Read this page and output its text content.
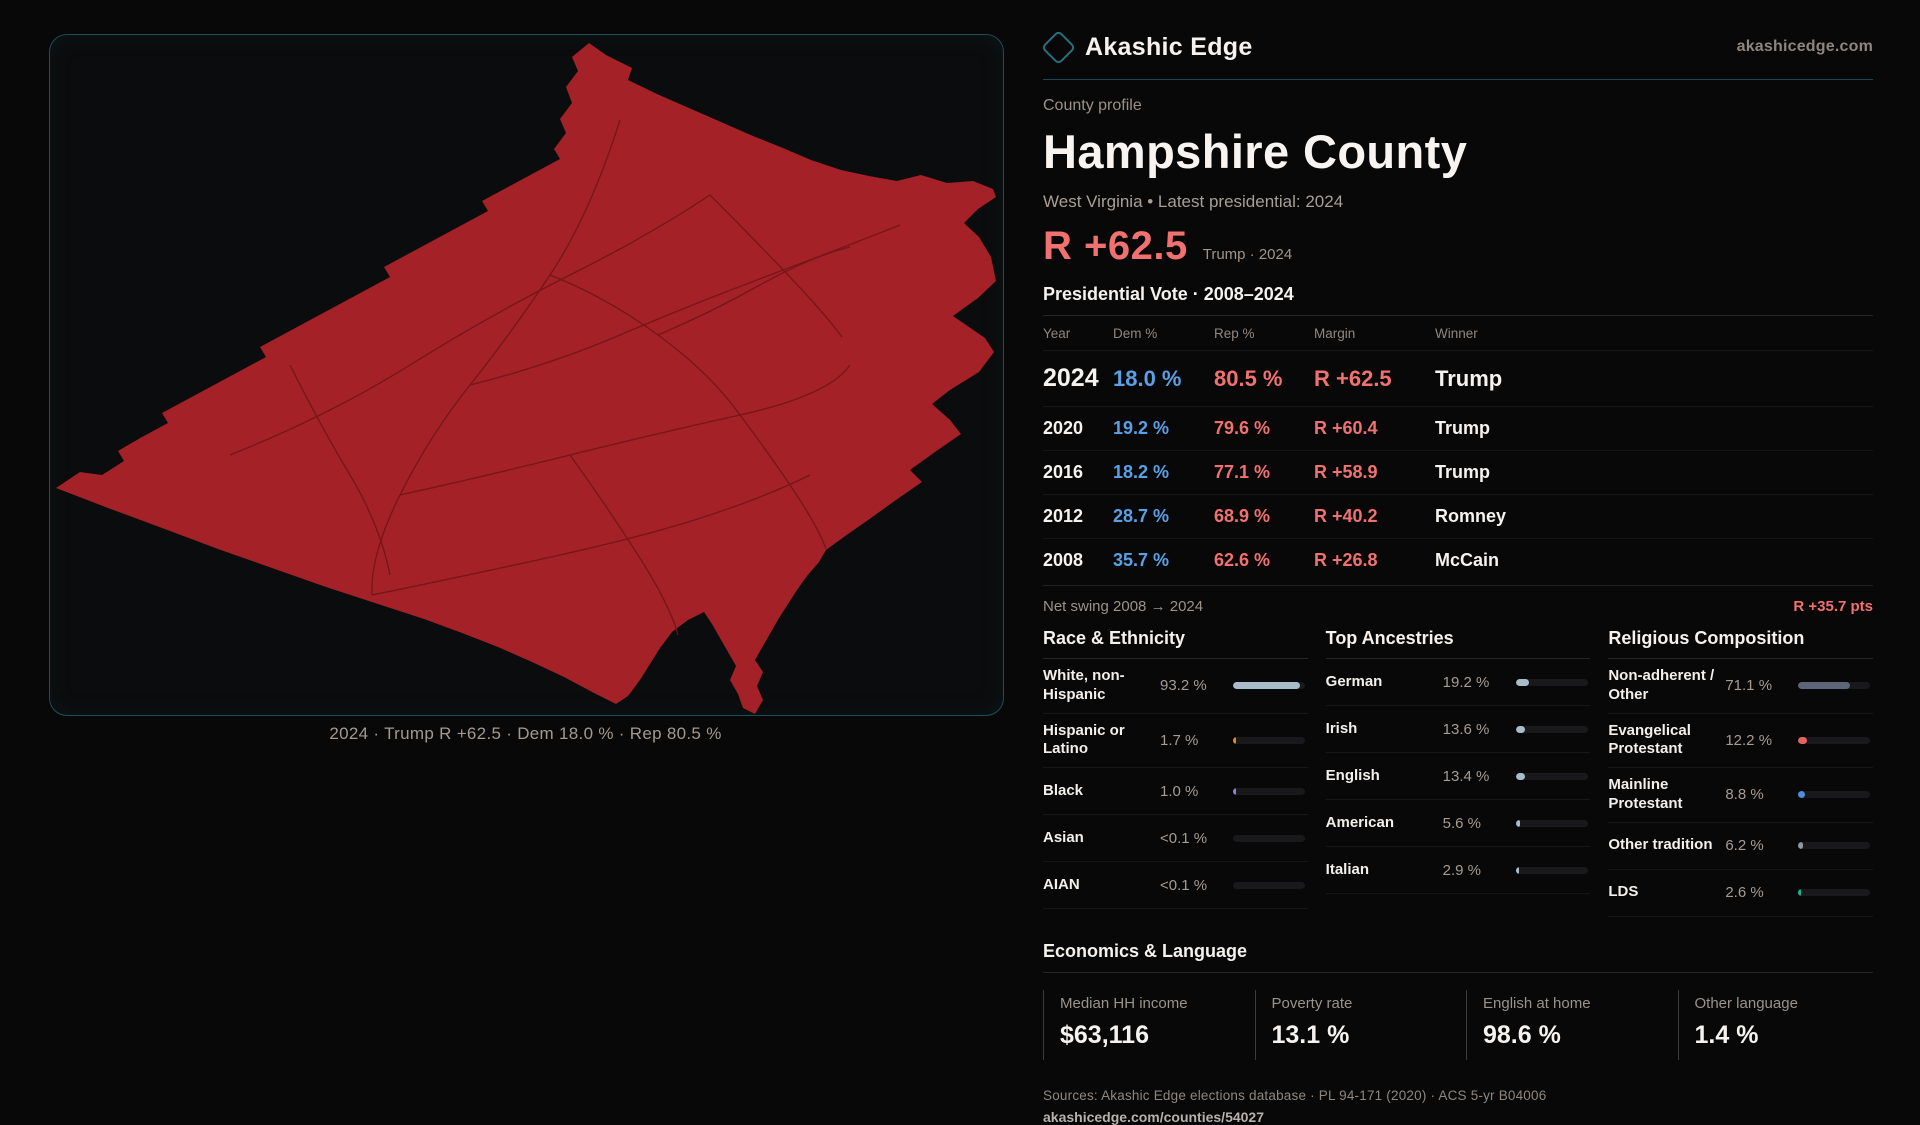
2024 · Trump R +62.5 · Dem 18.0 % · Rep 80.5 %
Akashic Edge	akashicedge.com
County profile
Hampshire County
West Virginia • Latest presidential: 2024
R +62.5 Trump · 2024
Presidential Vote · 2008–2024
Year	Dem %	Rep %	Margin	Winner
2024 18.0 %	80.5 %	R +62.5	Trump
2020	19.2 %	79.6 %	R +60.4	Trump
2016	18.2 %	77.1 %	R +58.9	Trump
2012	28.7 %	68.9 %	R +40.2	Romney
2008	35.7 %	62.6 %	R +26.8	McCain
Net swing 2008 → 2024	R +35.7 pts
Race & Ethnicity
White, non-Hispanic	93.2 %
Hispanic or Latino	1.7 %
Black	1.0 %
Asian	<0.1 %
AIAN	<0.1 %
Top Ancestries
German	19.2 %
Irish	13.6 %
English	13.4 %
American	5.6 %
Italian	2.9 %
Religious Composition
Non-adherent / Other	71.1 %
Evangelical Protestant	12.2 %
Mainline Protestant	8.8 %
Other tradition 6.2 %
LDS	2.6 %
Economics & Language
Median HH income
$63,116
Poverty rate
13.1 %
English at home
98.6 %
Other language
1.4 %
Sources: Akashic Edge elections database · PL 94-171 (2020) · ACS 5-yr B04006
akashicedge.com/counties/54027
